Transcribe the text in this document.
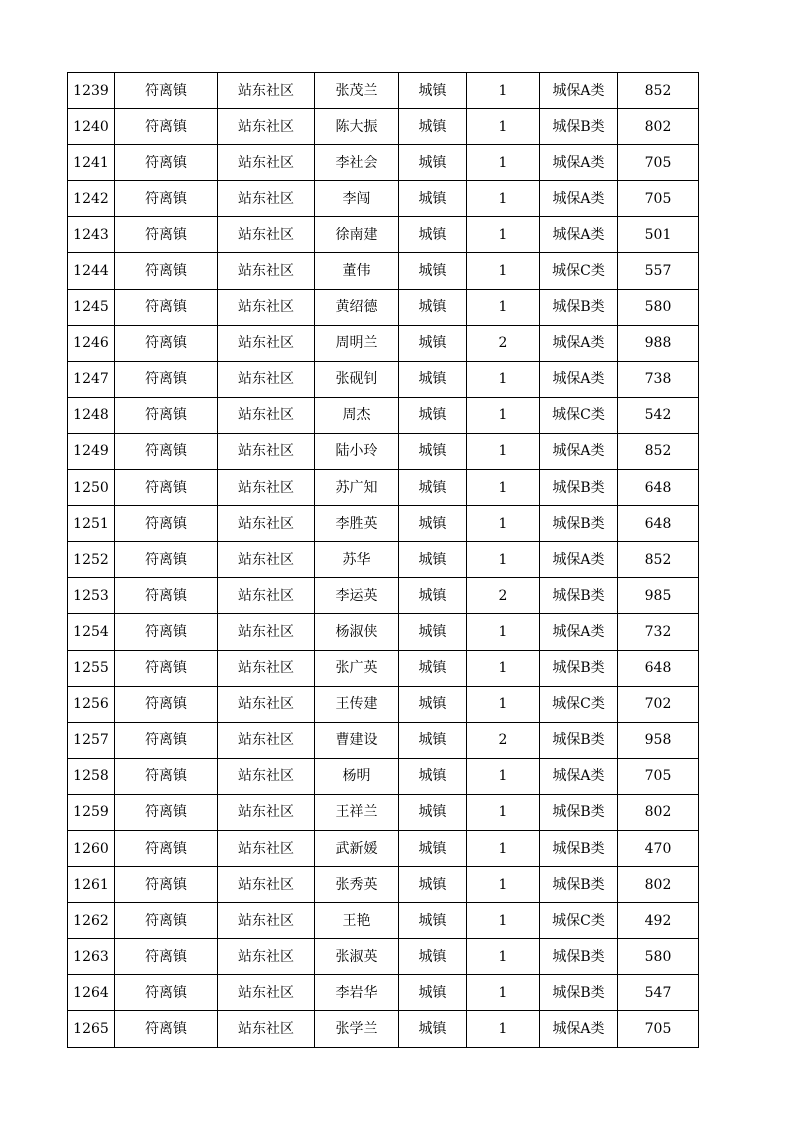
1239	符离镇	站东社区	张茂兰	城镇	1	城保A类	852
1240	符离镇	站东社区	陈大振	城镇	1	城保B类	802
1241	符离镇	站东社区	李社会	城镇	1	城保A类	705
1242	符离镇	站东社区	李闯	城镇	1	城保A类	705
1243	符离镇	站东社区	徐南建	城镇	1	城保A类	501
1244	符离镇	站东社区	董伟	城镇	1	城保C类	557
1245	符离镇	站东社区	黄绍德	城镇	1	城保B类	580
1246	符离镇	站东社区	周明兰	城镇	2	城保A类	988
1247	符离镇	站东社区	张砚钊	城镇	1	城保A类	738
1248	符离镇	站东社区	周杰	城镇	1	城保C类	542
1249	符离镇	站东社区	陆小玲	城镇	1	城保A类	852
1250	符离镇	站东社区	苏广知	城镇	1	城保B类	648
1251	符离镇	站东社区	李胜英	城镇	1	城保B类	648
1252	符离镇	站东社区	苏华	城镇	1	城保A类	852
1253	符离镇	站东社区	李运英	城镇	2	城保B类	985
1254	符离镇	站东社区	杨淑侠	城镇	1	城保A类	732
1255	符离镇	站东社区	张广英	城镇	1	城保B类	648
1256	符离镇	站东社区	王传建	城镇	1	城保C类	702
1257	符离镇	站东社区	曹建设	城镇	2	城保B类	958
1258	符离镇	站东社区	杨明	城镇	1	城保A类	705
1259	符离镇	站东社区	王祥兰	城镇	1	城保B类	802
1260	符离镇	站东社区	武新媛	城镇	1	城保B类	470
1261	符离镇	站东社区	张秀英	城镇	1	城保B类	802
1262	符离镇	站东社区	王艳	城镇	1	城保C类	492
1263	符离镇	站东社区	张淑英	城镇	1	城保B类	580
1264	符离镇	站东社区	李岩华	城镇	1	城保B类	547
1265	符离镇	站东社区	张学兰	城镇	1	城保A类	705
